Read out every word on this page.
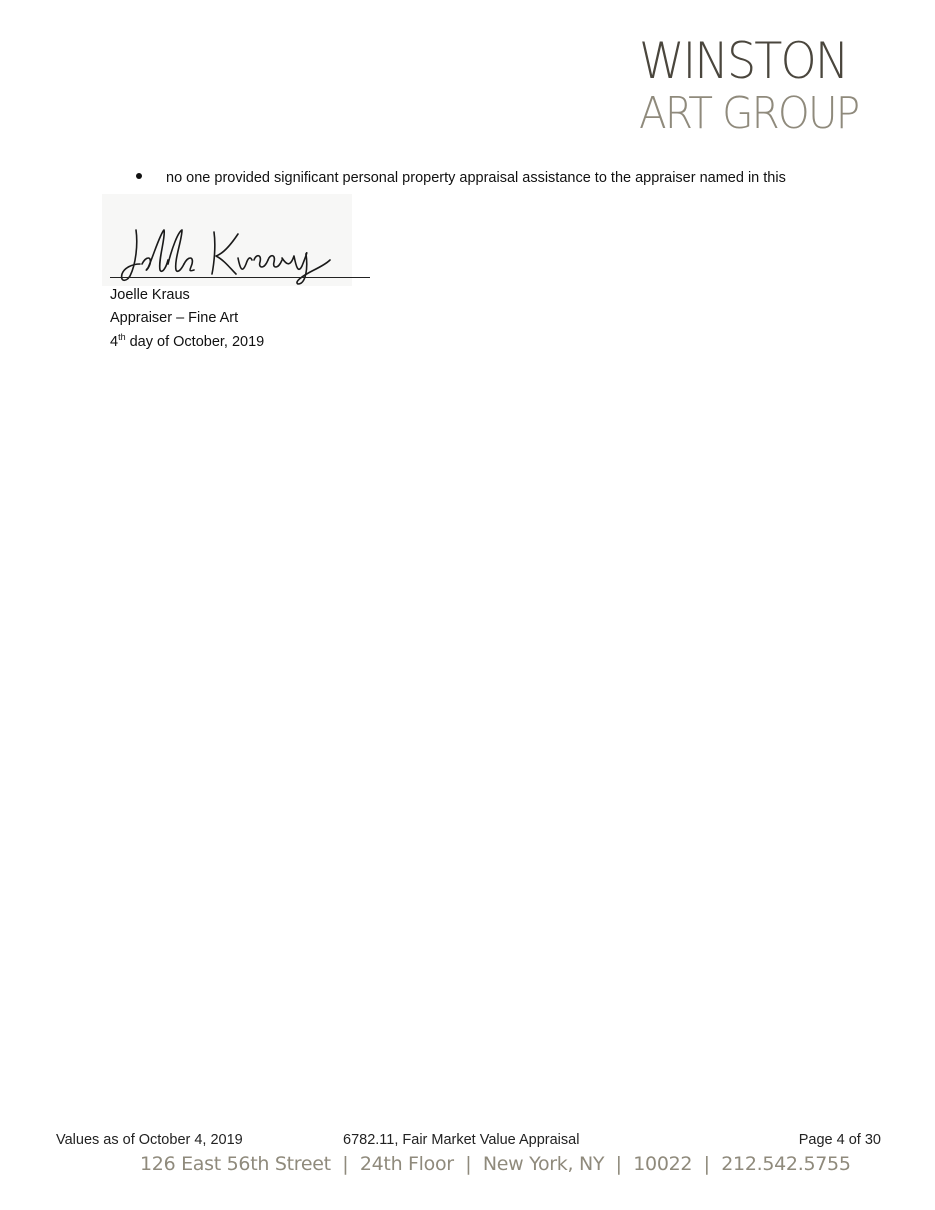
WINSTON
ART GROUP
no one provided significant personal property appraisal assistance to the appraiser named in this
Joelle Kraus
Appraiser – Fine Art
4th day of October, 2019
Values as of October 4, 2019	6782.11, Fair Market Value Appraisal	Page 4 of 30
126 East 56th Street  |  24th Floor  |  New York, NY  |  10022  |  212.542.5755
